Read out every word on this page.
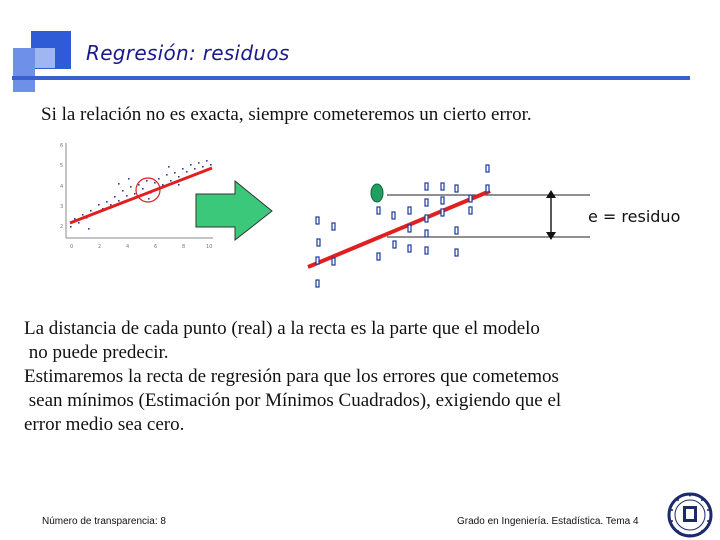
Regresión: residuos
Si la relación no es exacta, siempre cometeremos un cierto error.
6
5
4
3
2
0	2	4	6	8	10
e = residuo

La distancia de cada punto (real) a la recta es la parte que el modelo

no puede predecir.

Estimaremos la recta de regresión para que los errores que cometemos

sean mínimos (Estimación por Mínimos Cuadrados), exigiendo que el

error medio sea cero.

Número de transparencia: 8	Grado en Ingeniería. Estadística. Tema 4
